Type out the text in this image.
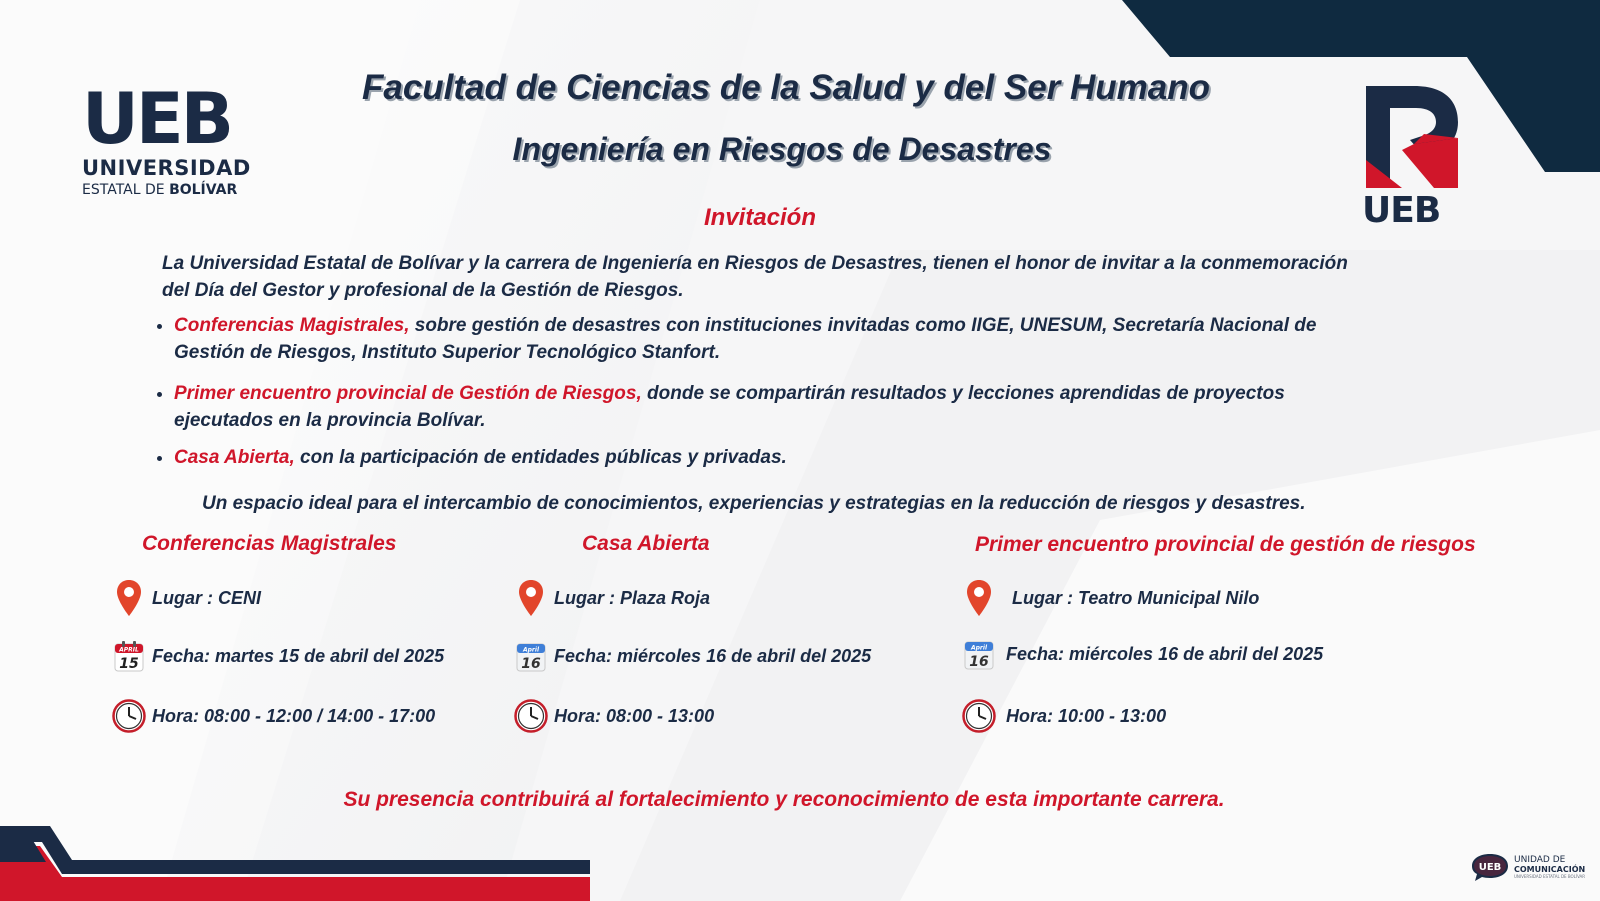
UEB
UNIVERSIDAD
ESTATAL DE BOLÍVAR	UEB
Facultad de Ciencias de la Salud y del Ser Humano
Ingeniería en Riesgos de Desastres
Invitación
La Universidad Estatal de Bolívar y la carrera de Ingeniería en Riesgos de Desastres, tienen el honor de invitar a la conmemoración del Día del Gestor y profesional de la Gestión de Riesgos.
• Conferencias Magistrales, sobre gestión de desastres con instituciones invitadas como IIGE, UNESUM, Secretaría Nacional de Gestión de Riesgos, Instituto Superior Tecnológico Stanfort.
• Primer encuentro provincial de Gestión de Riesgos, donde se compartirán resultados y lecciones aprendidas de proyectos ejecutados en la provincia Bolívar.
• Casa Abierta, con la participación de entidades públicas y privadas.
Un espacio ideal para el intercambio de conocimientos, experiencias y estrategias en la reducción de riesgos y desastres.
Conferencias Magistrales
Lugar : CENI
APRIL
15 Fecha: martes 15 de abril del 2025
Hora: 08:00 - 12:00 / 14:00 - 17:00
Casa Abierta
Lugar : Plaza Roja
April
16 Fecha: miércoles 16 de abril del 2025
Hora: 08:00 - 13:00
Primer encuentro provincial de gestión de riesgos
Lugar : Teatro Municipal Nilo
April
16 Fecha: miércoles 16 de abril del 2025
Hora: 10:00 - 13:00
Su presencia contribuirá al fortalecimiento y reconocimiento de esta importante carrera.
UEB
UNIDAD DE
COMUNICACIÓN
UNIVERSIDAD ESTATAL DE BOLÍVAR
